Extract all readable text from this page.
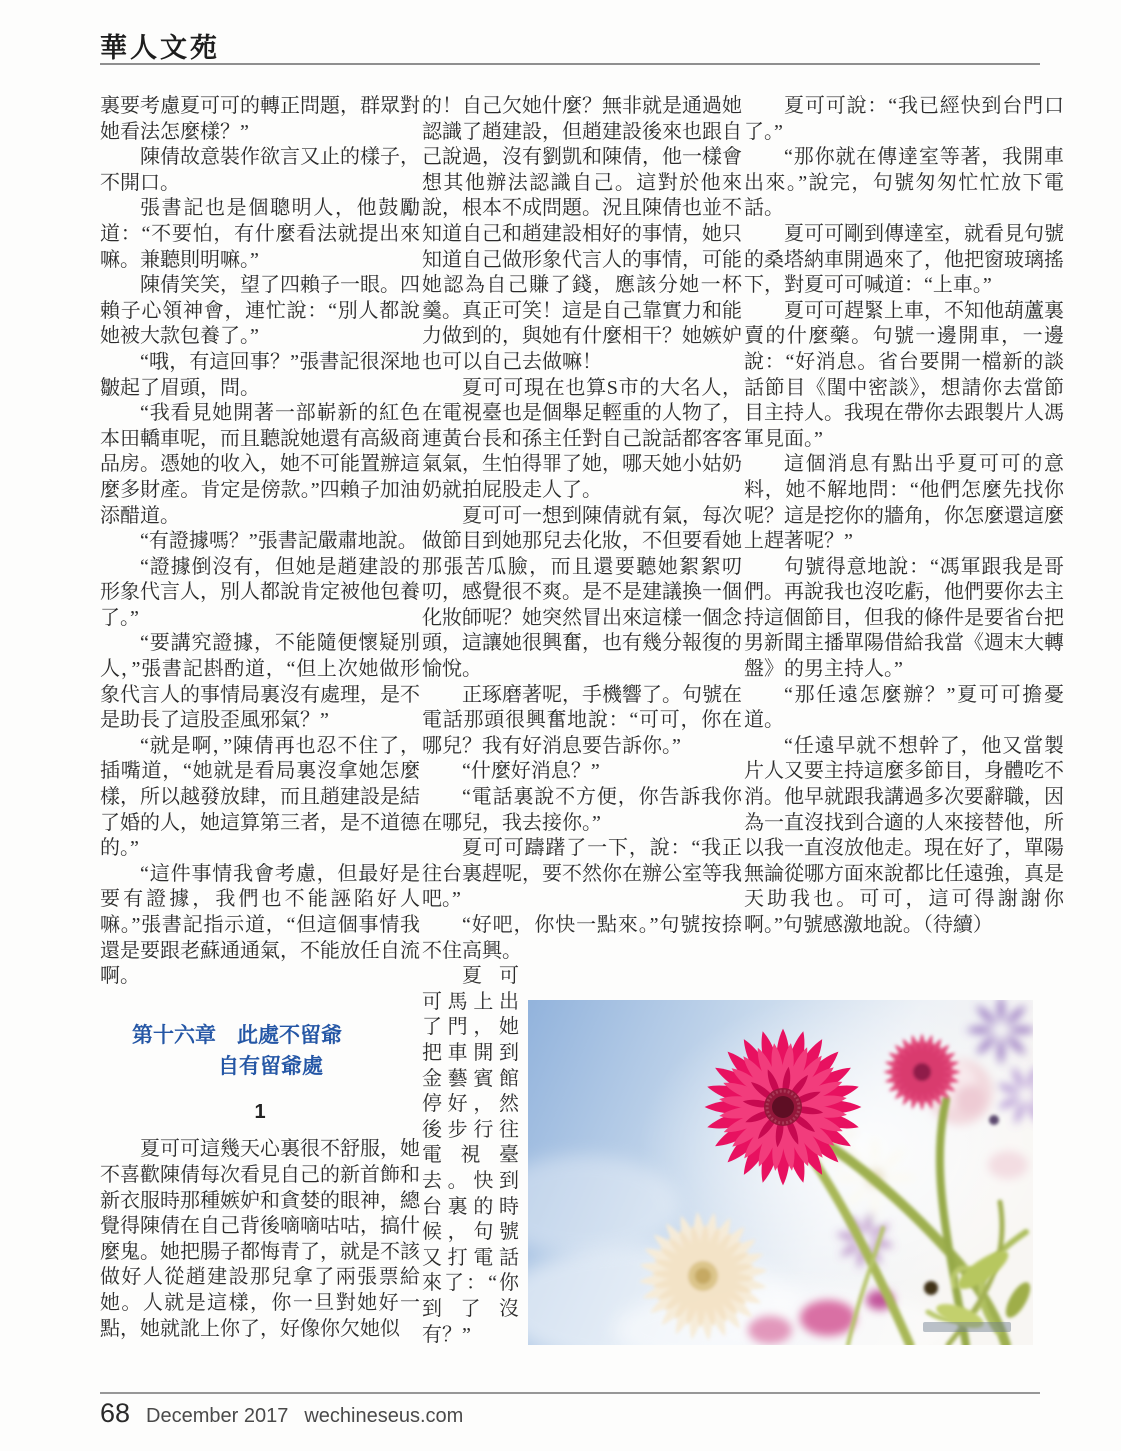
華人文苑

裏要考慮夏可可的轉正問題，群眾對她看法怎麼樣？”

陳倩故意裝作欲言又止的樣子，不開口。

張書記也是個聰明人，他鼓勵道：“不要怕，有什麼看法就提出來嘛。兼聽則明嘛。”

陳倩笑笑，望了四賴子一眼。四賴子心領神會，連忙說：“別人都說她被大款包養了。”

“哦，有這回事？”張書記很深地皺起了眉頭，問。

“我看見她開著一部嶄新的紅色本田轎車呢，而且聽說她還有高級商品房。憑她的收入，她不可能置辦這麼多財產。肯定是傍款。”四賴子加油添醋道。

“有證據嗎？”張書記嚴肅地說。

“證據倒沒有，但她是趙建設的形象代言人，別人都說肯定被他包養了。”

“要講究證據，不能隨便懷疑別人，”張書記斟酌道，“但上次她做形象代言人的事情局裏沒有處理，是不是助長了這股歪風邪氣？”

“就是啊，”陳倩再也忍不住了，插嘴道，“她就是看局裏沒拿她怎麼樣，所以越發放肆，而且趙建設是結了婚的人，她這算第三者，是不道德的。”

“這件事情我會考慮，但最好是要有證據，我們也不能誣陷好人嘛。”張書記指示道，“但這個事情我還是要跟老蘇通通氣，不能放任自流啊。

第十六章　此處不留爺
自有留爺處
1

夏可可這幾天心裏很不舒服，她不喜歡陳倩每次看見自己的新首飾和新衣服時那種嫉妒和貪婪的眼神，總覺得陳倩在自己背後嘀嘀咕咕，搞什麼鬼。她把腸子都悔青了，就是不該做好人從趙建設那兒拿了兩張票給她。人就是這樣，你一旦對她好一點，她就訛上你了，好像你欠她似

的！自己欠她什麼？無非就是通過她認識了趙建設，但趙建設後來也跟自己說過，沒有劉凱和陳倩，他一樣會想其他辦法認識自己。這對於他來說，根本不成問題。況且陳倩也並不知道自己和趙建設相好的事情，她只知道自己做形象代言人的事情，可能她認為自己賺了錢，應該分她一杯羹。真正可笑！這是自己靠實力和能力做到的，與她有什麼相干？她嫉妒也可以自己去做嘛！

夏可可現在也算S市的大名人，在電視臺也是個舉足輕重的人物了，連黃台長和孫主任對自己說話都客客氣氣，生怕得罪了她，哪天她小姑奶奶就拍屁股走人了。

夏可可一想到陳倩就有氣，每次做節目到她那兒去化妝，不但要看她那張苦瓜臉，而且還要聽她絮絮叨叨，感覺很不爽。是不是建議換一個化妝師呢？她突然冒出來這樣一個念頭，這讓她很興奮，也有幾分報復的愉悅。

正琢磨著呢，手機響了。句號在電話那頭很興奮地說：“可可，你在哪兒？我有好消息要告訴你。”

“什麼好消息？”

“電話裏說不方便，你告訴我你在哪兒，我去接你。”

夏可可躊躇了一下，說：“我正往台裏趕呢，要不然你在辦公室等我吧。”

“好吧，你快一點來。”句號按捺不住高興。

夏可可馬上出了門，她把車開到金藝賓館停好，然後步行往電視臺去。快到台裏的時候，句號又打電話來了：“你到了沒有？”

夏可可說：“我已經快到台門口了。”

“那你就在傳達室等著，我開車出來。”說完，句號匆匆忙忙放下電話。

夏可可剛到傳達室，就看見句號的桑塔納車開過來了，他把窗玻璃搖下，對夏可可喊道：“上車。”

夏可可趕緊上車，不知他葫蘆裏賣的什麼藥。句號一邊開車，一邊說：“好消息。省台要開一檔新的談話節目《閨中密談》，想請你去當節目主持人。我現在帶你去跟製片人馮軍見面。”

這個消息有點出乎夏可可的意料，她不解地問：“他們怎麼先找你呢？這是挖你的牆角，你怎麼還這麼上趕著呢？”

句號得意地說：“馮軍跟我是哥們。再說我也沒吃虧，他們要你去主持這個節目，但我的條件是要省台把男新聞主播單陽借給我當《週末大轉盤》的男主持人。”

“那任遠怎麼辦？”夏可可擔憂道。

“任遠早就不想幹了，他又當製片人又要主持這麼多節目，身體吃不消。他早就跟我講過多次要辭職，因為一直沒找到合適的人來接替他，所以我一直沒放他走。現在好了，單陽無論從哪方面來說都比任遠強，真是天助我也。可可，這可得謝謝你啊。”句號感激地說。（待續）

68 December 2017 wechineseus.com
